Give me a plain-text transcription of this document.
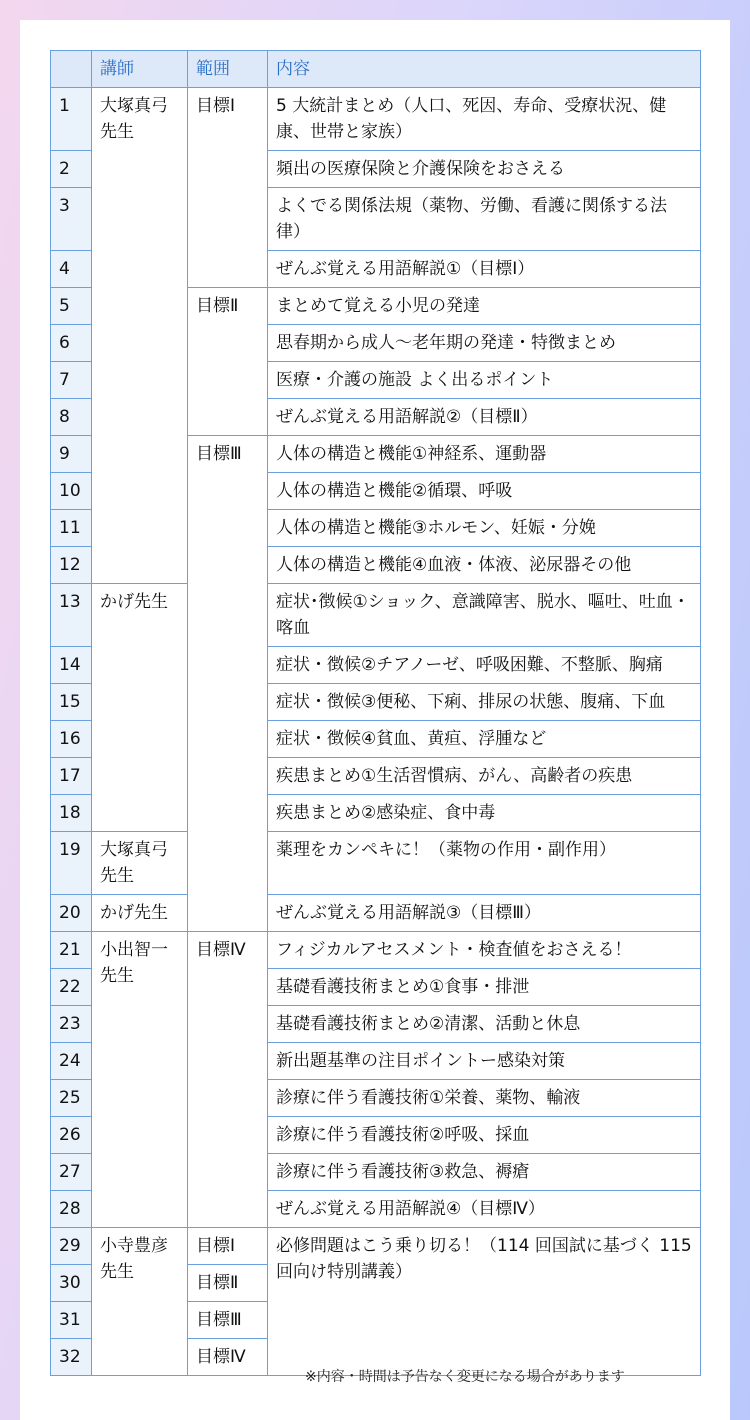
	講師	範囲	内容
1	大塚真弓先生	目標Ⅰ	5 大統計まとめ（人口、死因、寿命、受療状況、健康、世帯と家族）
2			頻出の医療保険と介護保険をおさえる
3			よくでる関係法規（薬物、労働、看護に関係する法律）
4			ぜんぶ覚える用語解説①（目標Ⅰ）
5		目標Ⅱ	まとめて覚える小児の発達
6			思春期から成人～老年期の発達・特徴まとめ
7			医療・介護の施設 よく出るポイント
8			ぜんぶ覚える用語解説②（目標Ⅱ）
9		目標Ⅲ	人体の構造と機能①神経系、運動器
10			人体の構造と機能②循環、呼吸
11			人体の構造と機能③ホルモン、妊娠・分娩
12			人体の構造と機能④血液・体液、泌尿器その他
13	かげ先生		症状･徴候①ショック、意識障害、脱水、嘔吐、吐血・喀血
14			症状・徴候②チアノーゼ、呼吸困難、不整脈、胸痛
15			症状・徴候③便秘、下痢、排尿の状態、腹痛、下血
16			症状・徴候④貧血、黄疸、浮腫など
17			疾患まとめ①生活習慣病、がん、高齢者の疾患
18			疾患まとめ②感染症、食中毒
19	大塚真弓先生		薬理をカンペキに！（薬物の作用・副作用）
20	かげ先生		ぜんぶ覚える用語解説③（目標Ⅲ）
21	小出智一先生	目標Ⅳ	フィジカルアセスメント・検査値をおさえる！
22			基礎看護技術まとめ①食事・排泄
23			基礎看護技術まとめ②清潔、活動と休息
24			新出題基準の注目ポイントー感染対策
25			診療に伴う看護技術①栄養、薬物、輸液
26			診療に伴う看護技術②呼吸、採血
27			診療に伴う看護技術③救急、褥瘡
28			ぜんぶ覚える用語解説④（目標Ⅳ）
29	小寺豊彦先生	目標Ⅰ	必修問題はこう乗り切る！（114 回国試に基づく 115 回向け特別講義）
30		目標Ⅱ	
31		目標Ⅲ	
32		目標Ⅳ	
※内容・時間は予告なく変更になる場合があります
